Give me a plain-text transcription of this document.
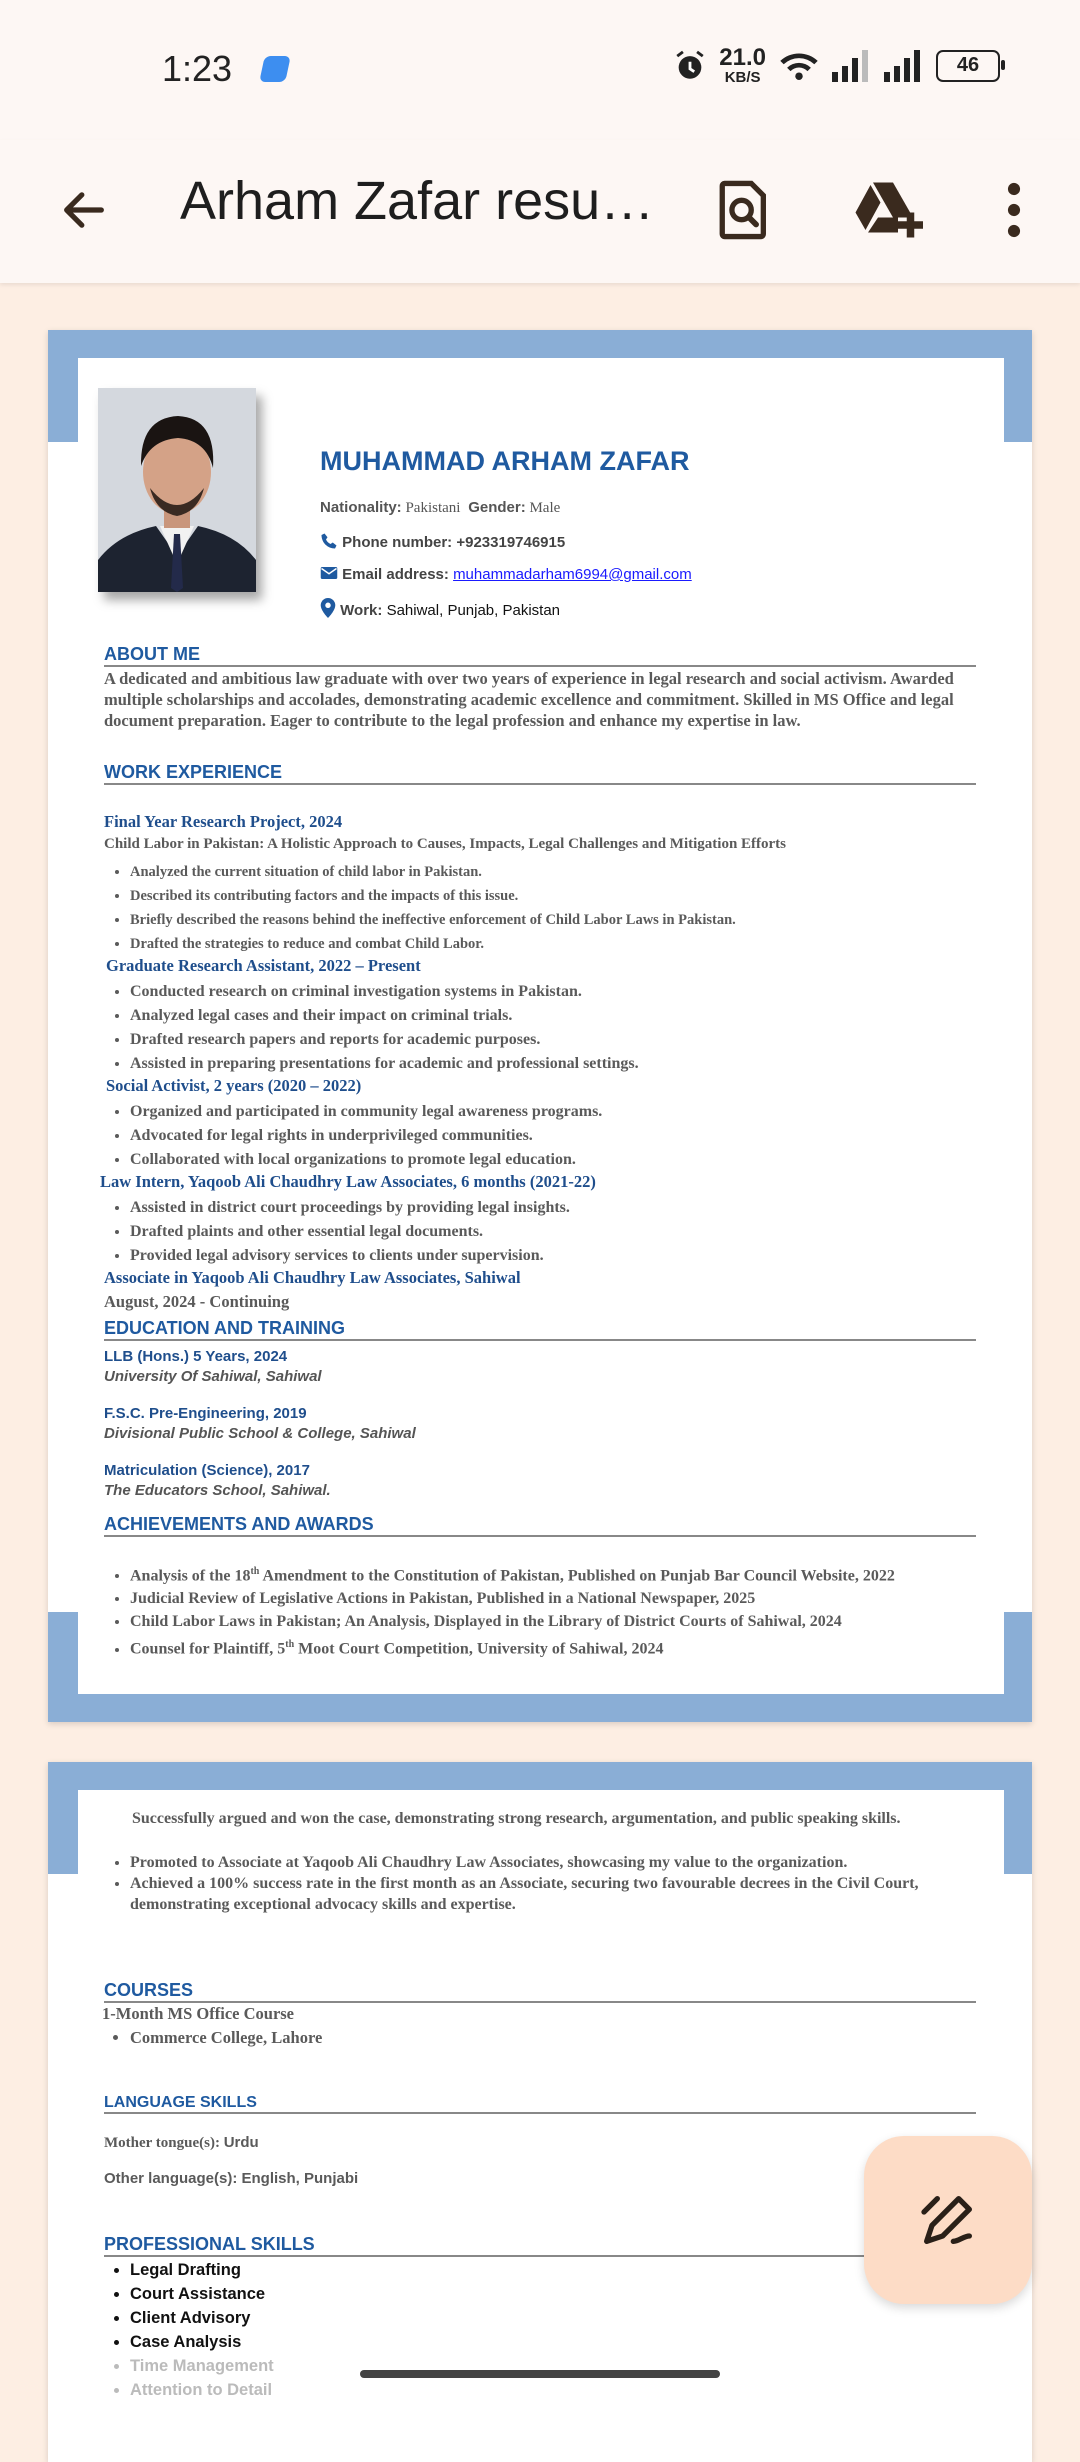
1:23	21.0
KB/S
46
Arham Zafar resu…
MUHAMMAD ARHAM ZAFAR
Nationality: Pakistani Gender: Male
Phone number: +923319746915
Email address: muhammadarham6994@gmail.com
Work: Sahiwal, Punjab, Pakistan
ABOUT ME
A dedicated and ambitious law graduate with over two years of experience in legal research and social activism. Awarded multiple scholarships and accolades, demonstrating academic excellence and commitment. Skilled in MS Office and legal document preparation. Eager to contribute to the legal profession and enhance my expertise in law.
WORK EXPERIENCE
Final Year Research Project, 2024
Child Labor in Pakistan: A Holistic Approach to Causes, Impacts, Legal Challenges and Mitigation Efforts
• Analyzed the current situation of child labor in Pakistan.
• Described its contributing factors and the impacts of this issue.
• Briefly described the reasons behind the ineffective enforcement of Child Labor Laws in Pakistan.
• Drafted the strategies to reduce and combat Child Labor.
Graduate Research Assistant, 2022 – Present
• Conducted research on criminal investigation systems in Pakistan.
• Analyzed legal cases and their impact on criminal trials.
• Drafted research papers and reports for academic purposes.
• Assisted in preparing presentations for academic and professional settings.
Social Activist, 2 years (2020 – 2022)
• Organized and participated in community legal awareness programs.
• Advocated for legal rights in underprivileged communities.
• Collaborated with local organizations to promote legal education.
Law Intern, Yaqoob Ali Chaudhry Law Associates, 6 months (2021-22)
• Assisted in district court proceedings by providing legal insights.
• Drafted plaints and other essential legal documents.
• Provided legal advisory services to clients under supervision.
Associate in Yaqoob Ali Chaudhry Law Associates, Sahiwal
August, 2024 - Continuing
EDUCATION AND TRAINING
LLB (Hons.) 5 Years, 2024
University Of Sahiwal, Sahiwal
F.S.C. Pre-Engineering, 2019
Divisional Public School & College, Sahiwal
Matriculation (Science), 2017
The Educators School, Sahiwal.
ACHIEVEMENTS AND AWARDS
• Analysis of the 18th Amendment to the Constitution of Pakistan, Published on Punjab Bar Council Website, 2022
• Judicial Review of Legislative Actions in Pakistan, Published in a National Newspaper, 2025
• Child Labor Laws in Pakistan; An Analysis, Displayed in the Library of District Courts of Sahiwal, 2024
• Counsel for Plaintiff, 5th Moot Court Competition, University of Sahiwal, 2024
Successfully argued and won the case, demonstrating strong research, argumentation, and public speaking skills.
• Promoted to Associate at Yaqoob Ali Chaudhry Law Associates, showcasing my value to the organization.
• Achieved a 100% success rate in the first month as an Associate, securing two favourable decrees in the Civil Court, demonstrating exceptional advocacy skills and expertise.
COURSES
1-Month MS Office Course
• Commerce College, Lahore
LANGUAGE SKILLS
Mother tongue(s): Urdu
Other language(s): English, Punjabi
PROFESSIONAL SKILLS
• Legal Drafting
• Court Assistance
• Client Advisory
• Case Analysis
• Time Management
• Attention to Detail
